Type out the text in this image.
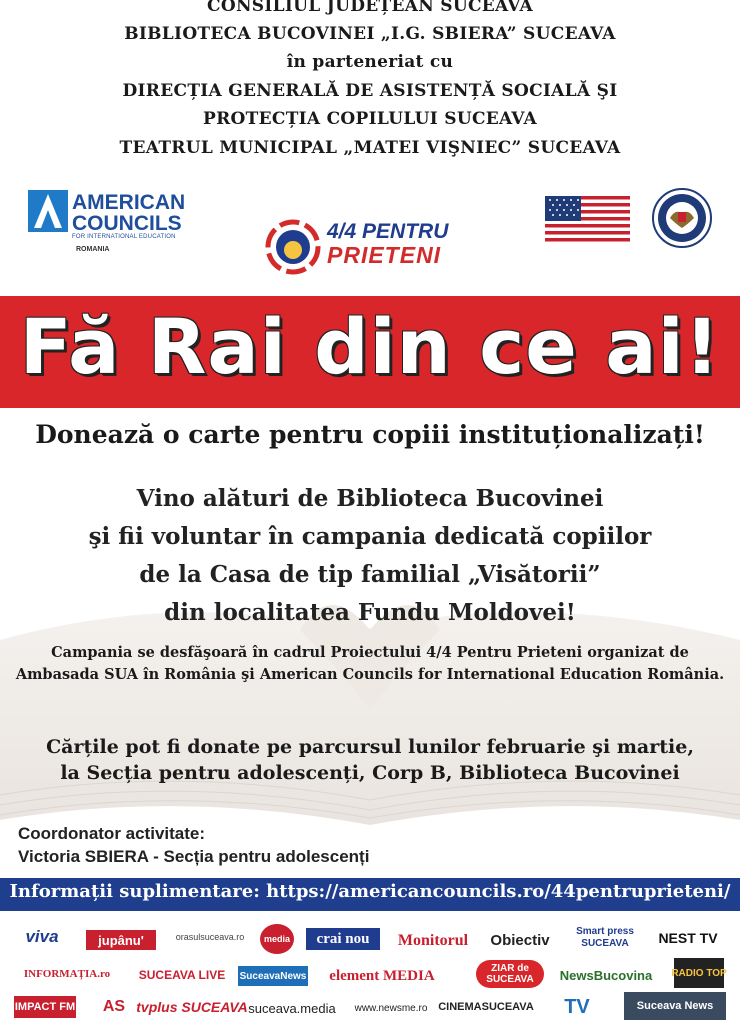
CONSILIUL JUDEȚEAN SUCEAVA
BIBLIOTECA BUCOVINEI „I.G. SBIERA” SUCEAVA
în parteneriat cu
DIRECȚIA GENERALĂ DE ASISTENȚĂ SOCIALĂ ŞI
PROTECȚIA COPILULUI SUCEAVA
TEATRUL MUNICIPAL „MATEI VIŞNIEC” SUCEAVA
AMERICAN
COUNCILS
FOR INTERNATIONAL EDUCATION
ROMANIA
4/4 PENTRU
PRIETENI
Fă Rai din ce ai!
Donează o carte pentru copiii instituționalizați!
Vino alături de Biblioteca Bucovinei
şi fii voluntar în campania dedicată copiilor
de la Casa de tip familial „Visătorii”
din localitatea Fundu Moldovei!
Campania se desfăşoară în cadrul Proiectului 4/4 Pentru Prieteni organizat de
Ambasada SUA în România şi American Councils for International Education România.
Cărțile pot fi donate pe parcursul lunilor februarie şi martie,
la Secția pentru adolescenți, Corp B, Biblioteca Bucovinei
Coordonator activitate:
Victoria SBIERA - Secția pentru adolescenți
Informații suplimentare: https://americancouncils.ro/44pentruprieteni/
viva	jupânu'	orasulsuceava.ro	media	crai nou	Monitorul	Obiectiv	Smart press SUCEAVA	NEST TV
INFORMAȚIA.ro	SUCEAVA LIVE SuceavaNews	element MEDIA	ZIAR de SUCEAVA	NewsBucovina	RADIO TOP
IMPACT FM	AS tvplus SUCEAVA suceava.media	www.newsme.ro CINEMASUCEAVA	TV	Suceava News
